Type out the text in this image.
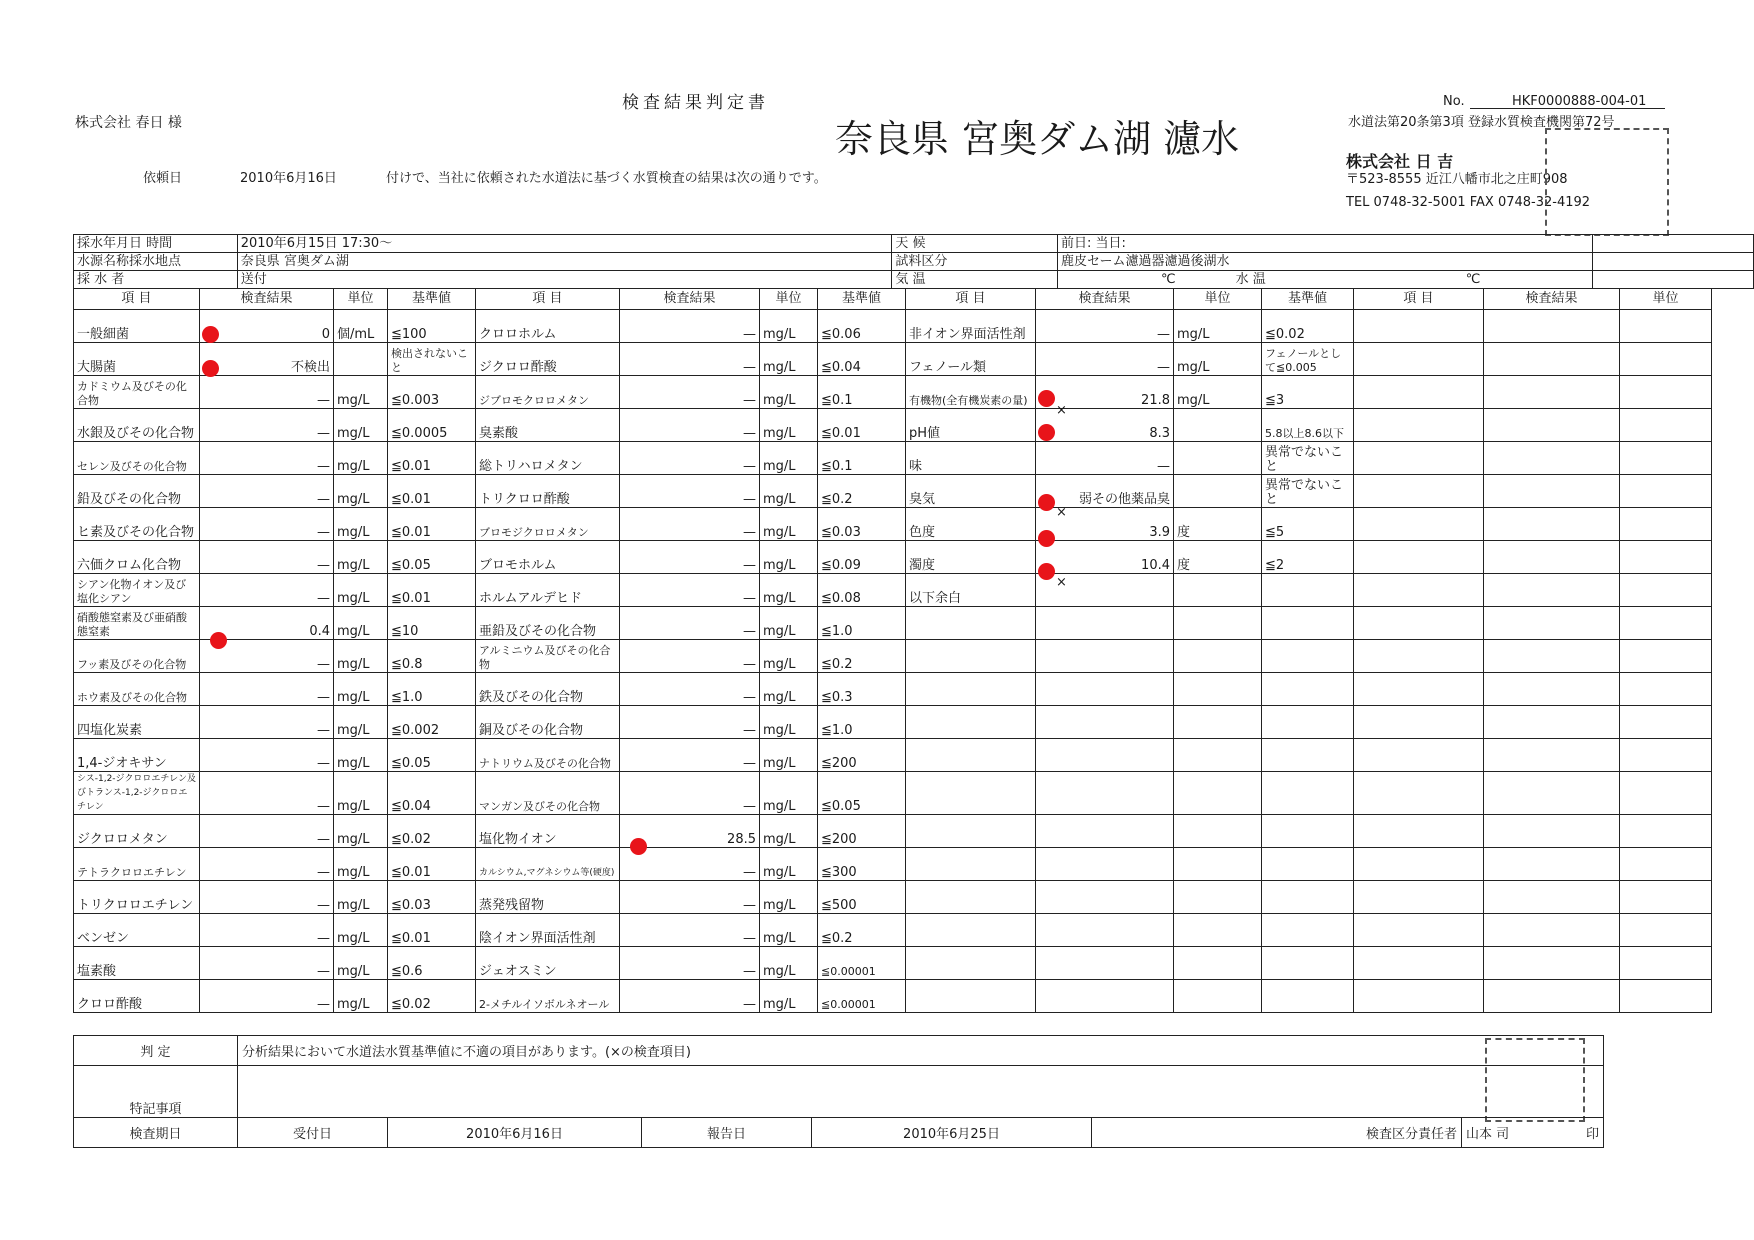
株式会社 春日 様
検査結果判定書
奈良県 宮奥ダム湖 濾水
No.	HKF0000888-004-01
水道法第20条第3項 登録水質検査機関第72号
株式会社 日 吉
〒523-8555 近江八幡市北之庄町908
TEL 0748-32-5001 FAX 0748-32-4192
依頼日	2010年6月16日	付けで、当社に依頼された水道法に基づく水質検査の結果は次の通りです。
採水年月日 時間	2010年6月15日 17:30〜	天 候	前日: 当日:	
水源名称採水地点	奈良県 宮奥ダム湖	試料区分	鹿皮セーム濾過器濾過後湖水	
採 水 者	送付	気 温	℃ 水 温 ℃	
項 目	検査結果	単位	基準値	項 目	検査結果	単位	基準値	項 目	検査結果	単位	基準値	項 目	検査結果	単位
一般細菌	0	個/mL	≦100	クロロホルム	—	mg/L	≦0.06	非イオン界面活性剤	—	mg/L	≦0.02			
大腸菌	不検出		検出されないこと	ジクロロ酢酸	—	mg/L	≦0.04	フェノール類	—	mg/L	フェノールとして≦0.005			
カドミウム及びその化合物	—	mg/L	≦0.003	ジブロモクロロメタン	—	mg/L	≦0.1	有機物(全有機炭素の量)	21.8	mg/L	≦3			
水銀及びその化合物	—	mg/L	≦0.0005	臭素酸	—	mg/L	≦0.01	pH値	8.3		5.8以上8.6以下			
セレン及びその化合物	—	mg/L	≦0.01	総トリハロメタン	—	mg/L	≦0.1	味	—		異常でないこと			
鉛及びその化合物	—	mg/L	≦0.01	トリクロロ酢酸	—	mg/L	≦0.2	臭気	弱その他薬品臭		異常でないこと			
ヒ素及びその化合物	—	mg/L	≦0.01	ブロモジクロロメタン	—	mg/L	≦0.03	色度	3.9	度	≦5			
六価クロム化合物	—	mg/L	≦0.05	ブロモホルム	—	mg/L	≦0.09	濁度	10.4	度	≦2			
シアン化物イオン及び塩化シアン	—	mg/L	≦0.01	ホルムアルデヒド	—	mg/L	≦0.08	以下余白						
硝酸態窒素及び亜硝酸態窒素	0.4	mg/L	≦10	亜鉛及びその化合物	—	mg/L	≦1.0							
フッ素及びその化合物	—	mg/L	≦0.8	アルミニウム及びその化合物	—	mg/L	≦0.2							
ホウ素及びその化合物	—	mg/L	≦1.0	鉄及びその化合物	—	mg/L	≦0.3							
四塩化炭素	—	mg/L	≦0.002	銅及びその化合物	—	mg/L	≦1.0							
1,4-ジオキサン	—	mg/L	≦0.05	ナトリウム及びその化合物	—	mg/L	≦200							
シス-1,2-ジクロロエチレン及びトランス-1,2-ジクロロエチレン	—	mg/L	≦0.04	マンガン及びその化合物	—	mg/L	≦0.05							
ジクロロメタン	—	mg/L	≦0.02	塩化物イオン	28.5	mg/L	≦200							
テトラクロロエチレン	—	mg/L	≦0.01	カルシウム,マグネシウム等(硬度)	—	mg/L	≦300							
トリクロロエチレン	—	mg/L	≦0.03	蒸発残留物	—	mg/L	≦500							
ベンゼン	—	mg/L	≦0.01	陰イオン界面活性剤	—	mg/L	≦0.2							
塩素酸	—	mg/L	≦0.6	ジェオスミン	—	mg/L	≦0.00001							
クロロ酢酸	—	mg/L	≦0.02	2-メチルイソボルネオール	—	mg/L	≦0.00001							
判 定	分析結果において水道法水質基準値に不適の項目があります。(×の検査項目)
特記事項	
検査期日	受付日	2010年6月16日	報告日	2010年6月25日	検査区分責任者	山本 司	印
×
×
×
